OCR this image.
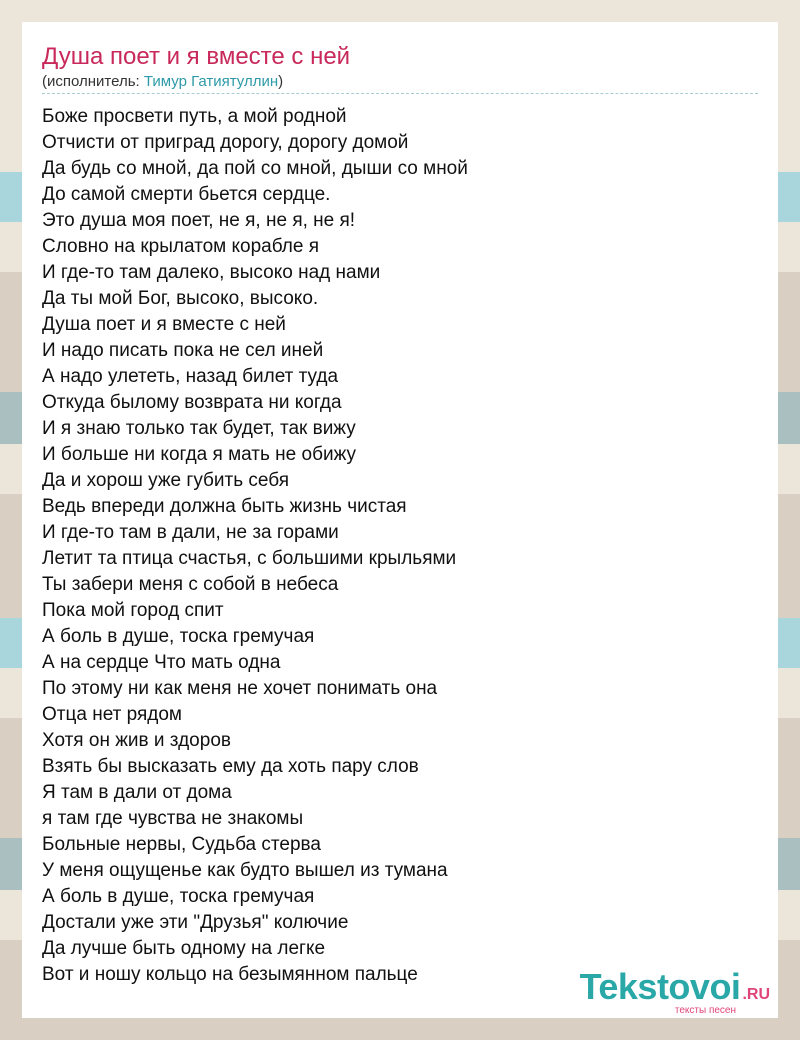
Душа поет и я вместе с ней
(исполнитель: Тимур Гатиятуллин)
Боже просвети путь, а мой родной
Отчисти от приград дорогу, дорогу домой
Да будь со мной, да пой со мной, дыши со мной
До самой смерти бьется сердце.
Это душа моя поет, не я, не я, не я!
Словно на крылатом корабле я
И где-то там далеко, высоко над нами
Да ты мой Бог, высоко, высоко.
Душа поет и я вместе с ней
И надо писать пока не сел иней
А надо улететь, назад билет туда
Откуда былому возврата ни когда
И я знаю только так будет, так вижу
И больше ни когда я мать не обижу
Да и хорош уже губить себя
Ведь впереди должна быть жизнь чистая
И где-то там в дали, не за горами
Летит та птица счастья, с большими крыльями
Ты забери меня с собой в небеса
Пока мой город спит
А боль в душе, тоска гремучая
А на сердце Что мать одна
По этому ни как меня не хочет понимать она
Отца нет рядом
Хотя он жив и здоров
Взять бы высказать ему да хоть пару слов
Я там в дали от дома
я там где чувства не знакомы
Больные нервы, Судьба стерва
У меня ощущенье как будто вышел из тумана
А боль в душе, тоска гремучая
Достали уже эти "Друзья" колючие
Да лучше быть одному на легке
Вот и ношу кольцо на безымянном пальце	Tekstovoi .RU
тексты песен
